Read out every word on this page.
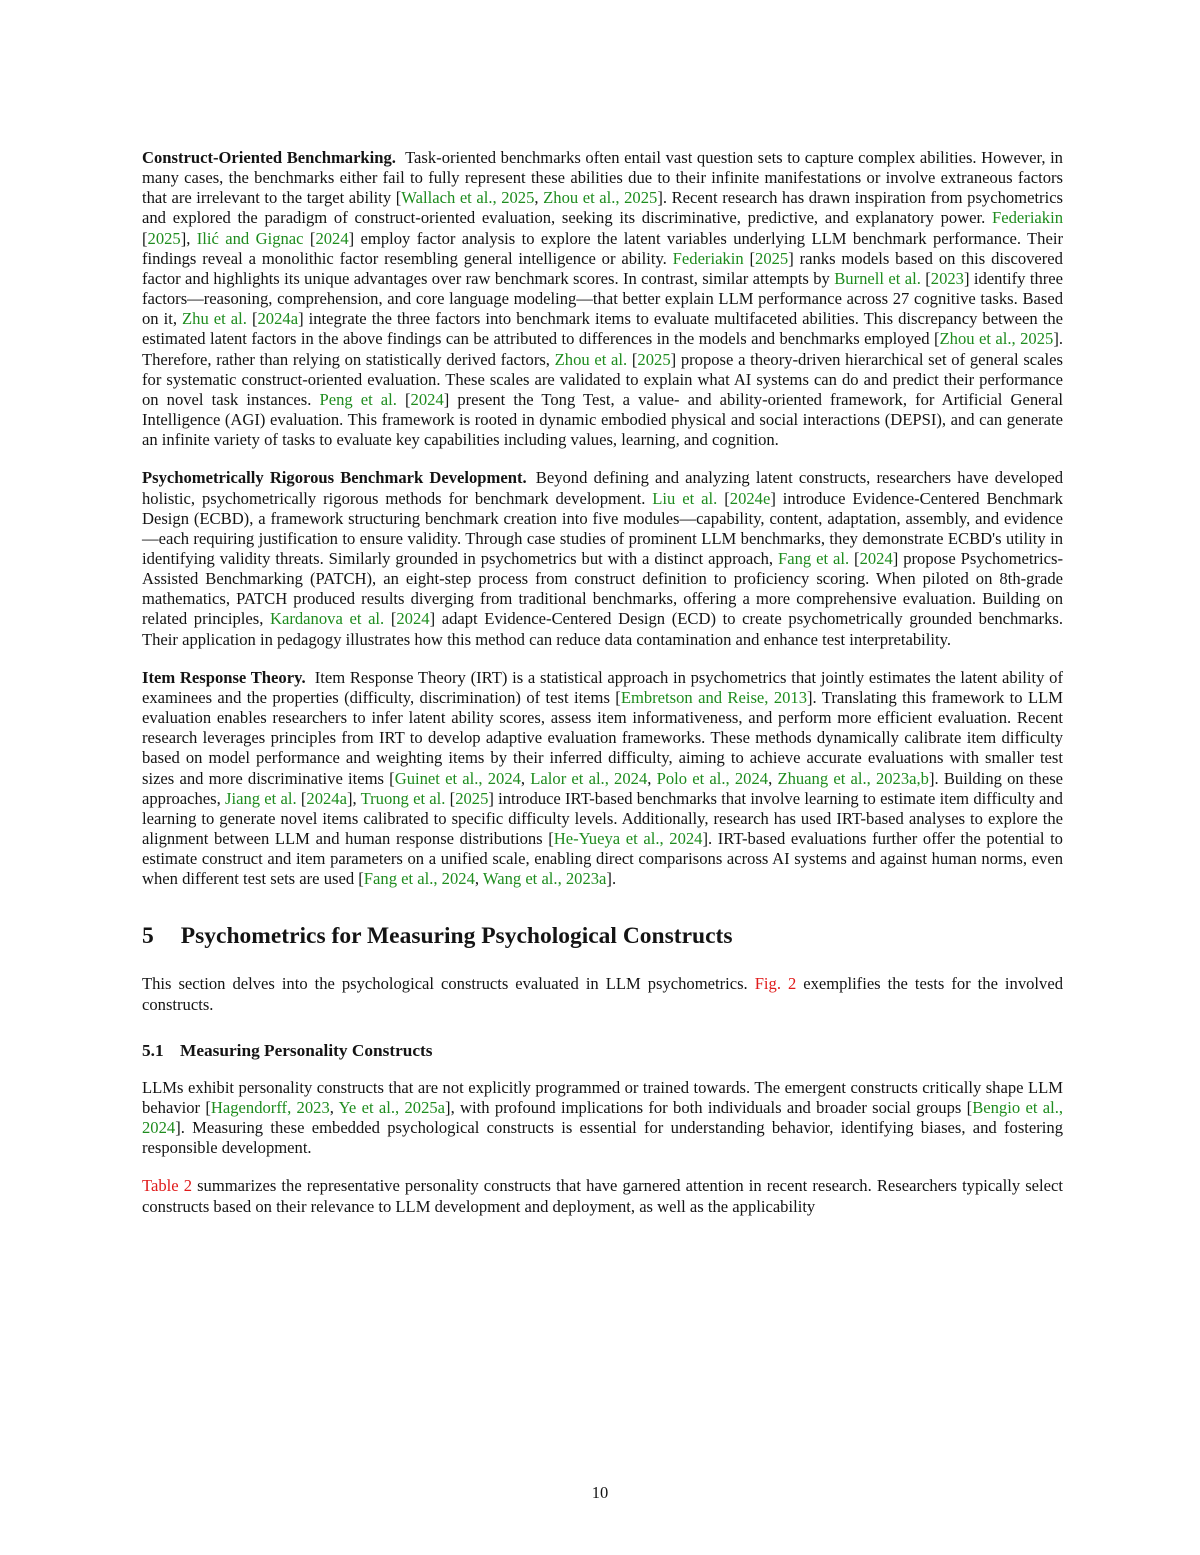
Construct-Oriented Benchmarking. Task-oriented benchmarks often entail vast question sets to capture complex abilities. However, in many cases, the benchmarks either fail to fully represent these abilities due to their infinite manifestations or involve extraneous factors that are irrelevant to the target ability [Wallach et al., 2025, Zhou et al., 2025]. Recent research has drawn inspiration from psychometrics and explored the paradigm of construct-oriented evaluation, seeking its discriminative, predictive, and explanatory power. Federiakin [2025], Ilić and Gignac [2024] employ factor analysis to explore the latent variables underlying LLM benchmark performance. Their findings reveal a monolithic factor resembling general intelligence or ability. Federiakin [2025] ranks models based on this discovered factor and highlights its unique advantages over raw benchmark scores. In contrast, similar attempts by Burnell et al. [2023] identify three factors—reasoning, comprehension, and core language modeling—that better explain LLM performance across 27 cognitive tasks. Based on it, Zhu et al. [2024a] integrate the three factors into benchmark items to evaluate multifaceted abilities. This discrepancy between the estimated latent factors in the above findings can be attributed to differences in the models and benchmarks employed [Zhou et al., 2025]. Therefore, rather than relying on statistically derived factors, Zhou et al. [2025] propose a theory-driven hierarchical set of general scales for systematic construct-oriented evaluation. These scales are validated to explain what AI systems can do and predict their performance on novel task instances. Peng et al. [2024] present the Tong Test, a value- and ability-oriented framework, for Artificial General Intelligence (AGI) evaluation. This framework is rooted in dynamic embodied physical and social interactions (DEPSI), and can generate an infinite variety of tasks to evaluate key capabilities including values, learning, and cognition.

Psychometrically Rigorous Benchmark Development. Beyond defining and analyzing latent constructs, researchers have developed holistic, psychometrically rigorous methods for benchmark development. Liu et al. [2024e] introduce Evidence-Centered Benchmark Design (ECBD), a framework structuring benchmark creation into five modules—capability, content, adaptation, assembly, and evidence—each requiring justification to ensure validity. Through case studies of prominent LLM benchmarks, they demonstrate ECBD's utility in identifying validity threats. Similarly grounded in psychometrics but with a distinct approach, Fang et al. [2024] propose Psychometrics-Assisted Benchmarking (PATCH), an eight-step process from construct definition to proficiency scoring. When piloted on 8th-grade mathematics, PATCH produced results diverging from traditional benchmarks, offering a more comprehensive evaluation. Building on related principles, Kardanova et al. [2024] adapt Evidence-Centered Design (ECD) to create psychometrically grounded benchmarks. Their application in pedagogy illustrates how this method can reduce data contamination and enhance test interpretability.

Item Response Theory. Item Response Theory (IRT) is a statistical approach in psychometrics that jointly estimates the latent ability of examinees and the properties (difficulty, discrimination) of test items [Embretson and Reise, 2013]. Translating this framework to LLM evaluation enables researchers to infer latent ability scores, assess item informativeness, and perform more efficient evaluation. Recent research leverages principles from IRT to develop adaptive evaluation frameworks. These methods dynamically calibrate item difficulty based on model performance and weighting items by their inferred difficulty, aiming to achieve accurate evaluations with smaller test sizes and more discriminative items [Guinet et al., 2024, Lalor et al., 2024, Polo et al., 2024, Zhuang et al., 2023a,b]. Building on these approaches, Jiang et al. [2024a], Truong et al. [2025] introduce IRT-based benchmarks that involve learning to estimate item difficulty and learning to generate novel items calibrated to specific difficulty levels. Additionally, research has used IRT-based analyses to explore the alignment between LLM and human response distributions [He-Yueya et al., 2024]. IRT-based evaluations further offer the potential to estimate construct and item parameters on a unified scale, enabling direct comparisons across AI systems and against human norms, even when different test sets are used [Fang et al., 2024, Wang et al., 2023a].

5 Psychometrics for Measuring Psychological Constructs

This section delves into the psychological constructs evaluated in LLM psychometrics. Fig. 2 exemplifies the tests for the involved constructs.

5.1 Measuring Personality Constructs

LLMs exhibit personality constructs that are not explicitly programmed or trained towards. The emergent constructs critically shape LLM behavior [Hagendorff, 2023, Ye et al., 2025a], with profound implications for both individuals and broader social groups [Bengio et al., 2024]. Measuring these embedded psychological constructs is essential for understanding behavior, identifying biases, and fostering responsible development.

Table 2 summarizes the representative personality constructs that have garnered attention in recent research. Researchers typically select constructs based on their relevance to LLM development and deployment, as well as the applicability

10
